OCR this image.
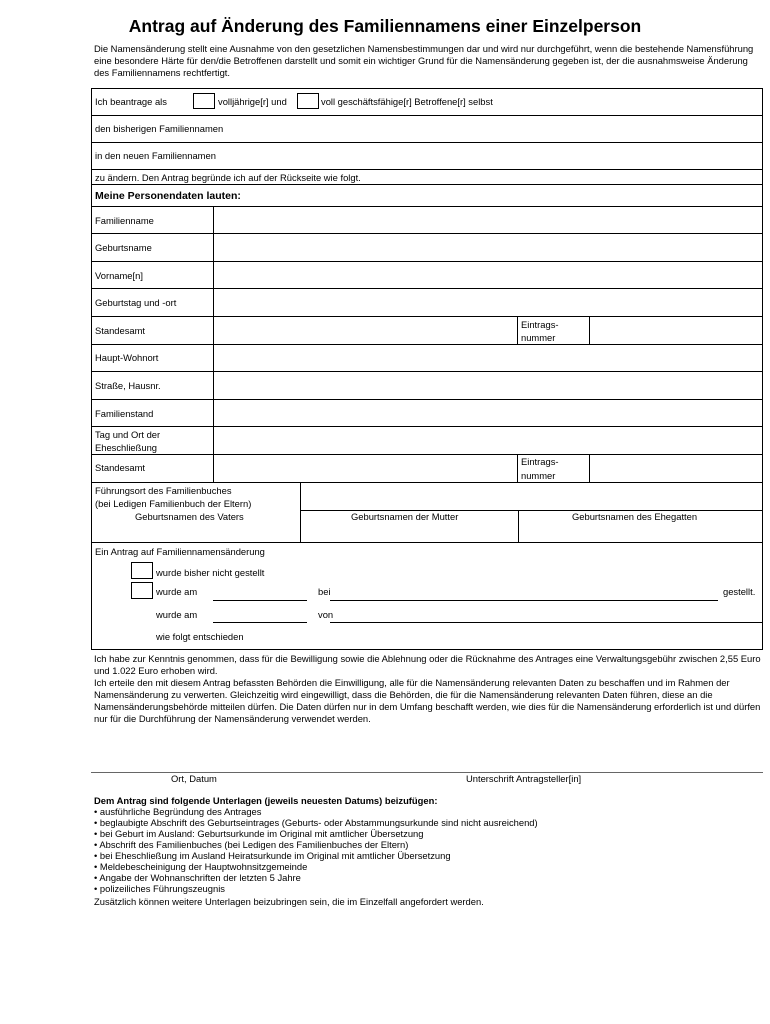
Antrag auf Änderung des Familiennamens einer Einzelperson
Die Namensänderung stellt eine Ausnahme von den gesetzlichen Namensbestimmungen dar und wird nur durchgeführt, wenn die bestehende Namensführung eine besondere Härte für den/die Betroffenen darstellt und somit ein wichtiger Grund für die Namensänderung gegeben ist, der die ausnahmsweise Änderung des Familiennamens rechtfertigt.
Ich beantrage als	volljährige[r] und	voll geschäftsfähige[r] Betroffene[r] selbst
den bisherigen Familiennamen
in den neuen Familiennamen
zu ändern. Den Antrag begründe ich auf der Rückseite wie folgt.
Meine Personendaten lauten:
Familienname
Geburtsname
Vorname[n]
Geburtstag und -ort
Standesamt
Eintrags-
nummer
Haupt-Wohnort
Straße, Hausnr.
Familienstand
Tag und Ort der
Eheschließung
Standesamt
Eintrags-
nummer
Führungsort des Familienbuches
(bei Ledigen Familienbuch der Eltern)
Geburtsnamen des Vaters	Geburtsnamen der Mutter	Geburtsnamen des Ehegatten
Ein Antrag auf Familiennamensänderung
wurde bisher nicht gestellt
wurde am	bei	gestellt.
wurde am	von
wie folgt entschieden
Ich habe zur Kenntnis genommen, dass für die Bewilligung sowie die Ablehnung oder die Rücknahme des Antrages eine Verwaltungsgebühr zwischen 2,55 Euro und 1.022 Euro erhoben wird.
Ich erteile den mit diesem Antrag befassten Behörden die Einwilligung, alle für die Namensänderung relevanten Daten zu beschaffen und im Rahmen der Namensänderung zu verwerten. Gleichzeitig wird eingewilligt, dass die Behörden, die für die Namensänderung relevanten Daten führen, diese an die Namensänderungsbehörde mitteilen dürfen. Die Daten dürfen nur in dem Umfang beschafft werden, wie dies für die Namensänderung erforderlich ist und dürfen nur für die Durchführung der Namensänderung verwendet werden.
Ort, Datum	Unterschrift Antragsteller[in]
Dem Antrag sind folgende Unterlagen (jeweils neuesten Datums) beizufügen:
• ausführliche Begründung des Antrages
• beglaubigte Abschrift des Geburtseintrages (Geburts- oder Abstammungsurkunde sind nicht ausreichend)
• bei Geburt im Ausland: Geburtsurkunde im Original mit amtlicher Übersetzung
• Abschrift des Familienbuches (bei Ledigen des Familienbuches der Eltern)
• bei Eheschließung im Ausland Heiratsurkunde im Original mit amtlicher Übersetzung
• Meldebescheinigung der Hauptwohnsitzgemeinde
• Angabe der Wohnanschriften der letzten 5 Jahre
• polizeiliches Führungszeugnis
Zusätzlich können weitere Unterlagen beizubringen sein, die im Einzelfall angefordert werden.
